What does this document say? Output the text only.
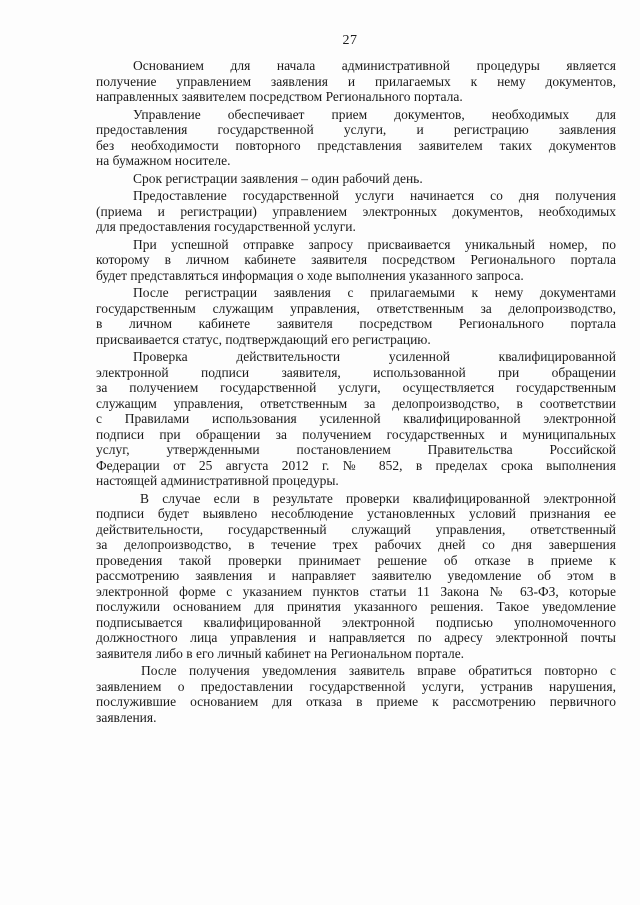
27
Основанием для начала административной процедуры является
получение управлением заявления и прилагаемых к нему документов,
направленных заявителем посредством Регионального портала.
Управление обеспечивает прием документов, необходимых для
предоставления государственной услуги, и регистрацию заявления
без необходимости повторного представления заявителем таких документов
на бумажном носителе.
Срок регистрации заявления – один рабочий день.
Предоставление государственной услуги начинается со дня получения
(приема и регистрации) управлением электронных документов, необходимых
для предоставления государственной услуги.
При успешной отправке запросу присваивается уникальный номер, по
которому в личном кабинете заявителя посредством Регионального портала
будет представляться информация о ходе выполнения указанного запроса.
После регистрации заявления с прилагаемыми к нему документами
государственным служащим управления, ответственным за делопроизводство,
в личном кабинете заявителя посредством Регионального портала
присваивается статус, подтверждающий его регистрацию.
Проверка действительности усиленной квалифицированной
электронной подписи заявителя, использованной при обращении
за получением государственной услуги, осуществляется государственным
служащим управления, ответственным за делопроизводство, в соответствии
с Правилами использования усиленной квалифицированной электронной
подписи при обращении за получением государственных и муниципальных
услуг, утвержденными постановлением Правительства Российской
Федерации от 25 августа 2012 г. № 852, в пределах срока выполнения
настоящей административной процедуры.
В случае если в результате проверки квалифицированной электронной
подписи будет выявлено несоблюдение установленных условий признания ее
действительности, государственный служащий управления, ответственный
за делопроизводство, в течение трех рабочих дней со дня завершения
проведения такой проверки принимает решение об отказе в приеме к
рассмотрению заявления и направляет заявителю уведомление об этом в
электронной форме с указанием пунктов статьи 11 Закона № 63-ФЗ, которые
послужили основанием для принятия указанного решения. Такое уведомление
подписывается квалифицированной электронной подписью уполномоченного
должностного лица управления и направляется по адресу электронной почты
заявителя либо в его личный кабинет на Региональном портале.
После получения уведомления заявитель вправе обратиться повторно с
заявлением о предоставлении государственной услуги, устранив нарушения,
послужившие основанием для отказа в приеме к рассмотрению первичного
заявления.
